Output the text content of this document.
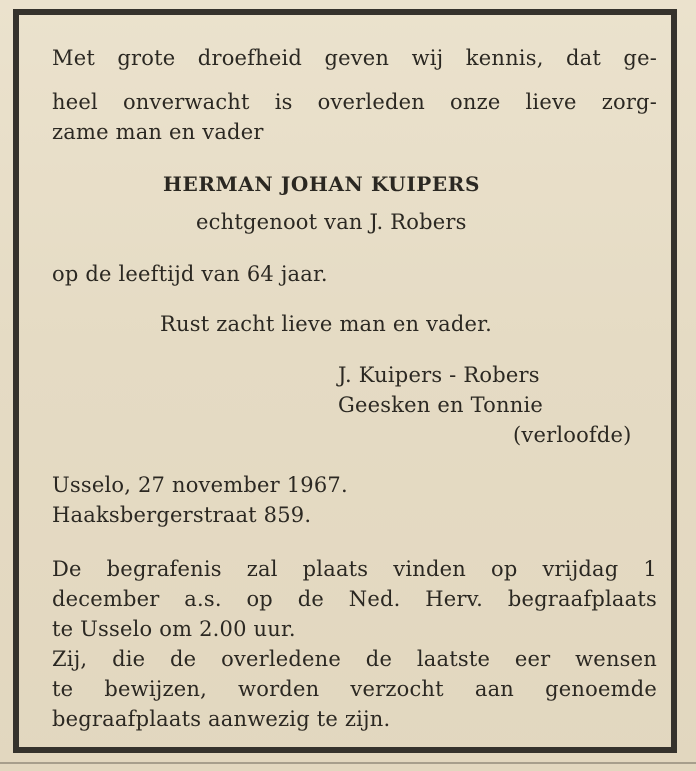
Met grote droefheid geven wij kennis, dat ge-
heel onverwacht is overleden onze lieve zorg-
zame man en vader
HERMAN JOHAN KUIPERS
echtgenoot van J. Robers
op de leeftijd van 64 jaar.
Rust zacht lieve man en vader.
J. Kuipers - Robers
Geesken en Tonnie
(verloofde)
Usselo, 27 november 1967.
Haaksbergerstraat 859.
De begrafenis zal plaats vinden op vrijdag 1
december a.s. op de Ned. Herv. begraafplaats
te Usselo om 2.00 uur.
Zij, die de overledene de laatste eer wensen
te bewijzen, worden verzocht aan genoemde
begraafplaats aanwezig te zijn.
